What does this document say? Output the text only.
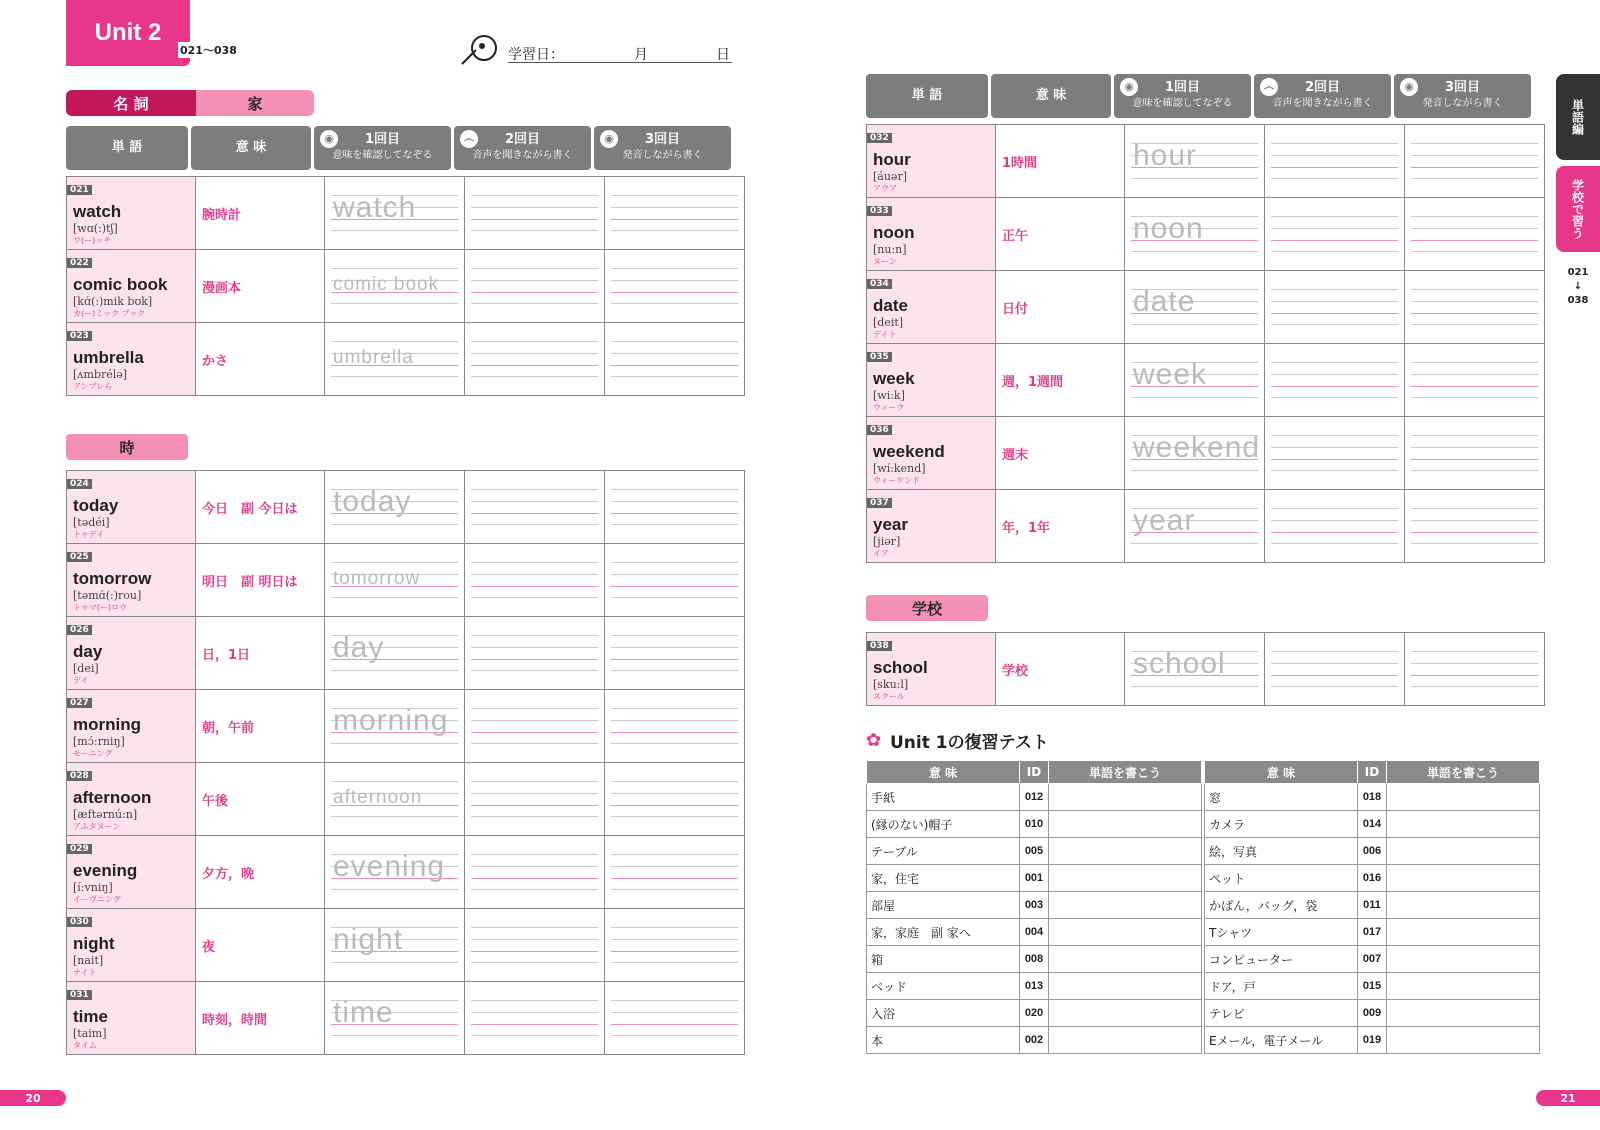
Unit 2
021～038	学習日：	月	日
名 詞	家
時
学校
単 語	意 味
◉	1回目
意味を確認してなぞる
෴ 2回目
音声を聞きながら書く
◉	3回目
発音しながら書く
単 語	意 味
◉	1回目
意味を確認してなぞる
෴ 2回目
音声を聞きながら書く
◉	3回目
発音しながら書く
021
watch
[wɑ(:)tʃ]
ワ(ー)ッチ	腕時計	watch		

022
comic book
[kɑ́(:)mik bʊk]
カ(ー)ミック ブック	漫画本	comic book		

023
umbrella
[ʌmbrélə]
アンブレら	かさ	umbrella		

024
today
[tədéi]
トゥデイ	今日　副 今日は	today		

025
tomorrow
[təmɑ́(:)rou]
トゥマ(ー)ロウ	明日　副 明日は	tomorrow		

026
day
[dei]
デイ	日，1日	day		

027
morning
[mɔ́:rniŋ]
モーニング	朝，午前	morning		

028
afternoon
[æftərnú:n]
アふタヌーン	午後	afternoon		

029
evening
[í:vniŋ]
イーヴニング	夕方，晩	evening		

030
night
[nait]
ナイト	夜	night		

031
time
[taim]
タイム	時刻，時間	time		

032
hour
[áuər]
アウア	1時間	hour		

033
noon
[nu:n]
ヌーン	正午	noon		

034
date
[deit]
デイト	日付	date		

035
week
[wi:k]
ウィーク	週，1週間	week		

036
weekend
[wí:kend]
ウィーケンド	週末	weekend		

037
year
[jiər]
イア	年，1年	year		

038
school
[sku:l]
スクール
	学校	school

✿ Unit 1の復習テスト
意 味	ID	単語を書こう
手紙	012	
(縁のない)帽子	010	
テーブル	005	
家，住宅	001	
部屋	003	
家，家庭　副 家へ	004	
箱	008	
ベッド	013	
入浴	020	
本	002	
意 味	ID	単語を書こう
窓	018	
カメラ	014	
絵，写真	006	
ペット	016	
かばん，バッグ，袋	011	
Tシャツ	017	
コンピューター	007	
ドア，戸	015	
テレビ	009	
Eメール，電子メール	019	
単語編
学校で習う
021
↓
038
20	21
